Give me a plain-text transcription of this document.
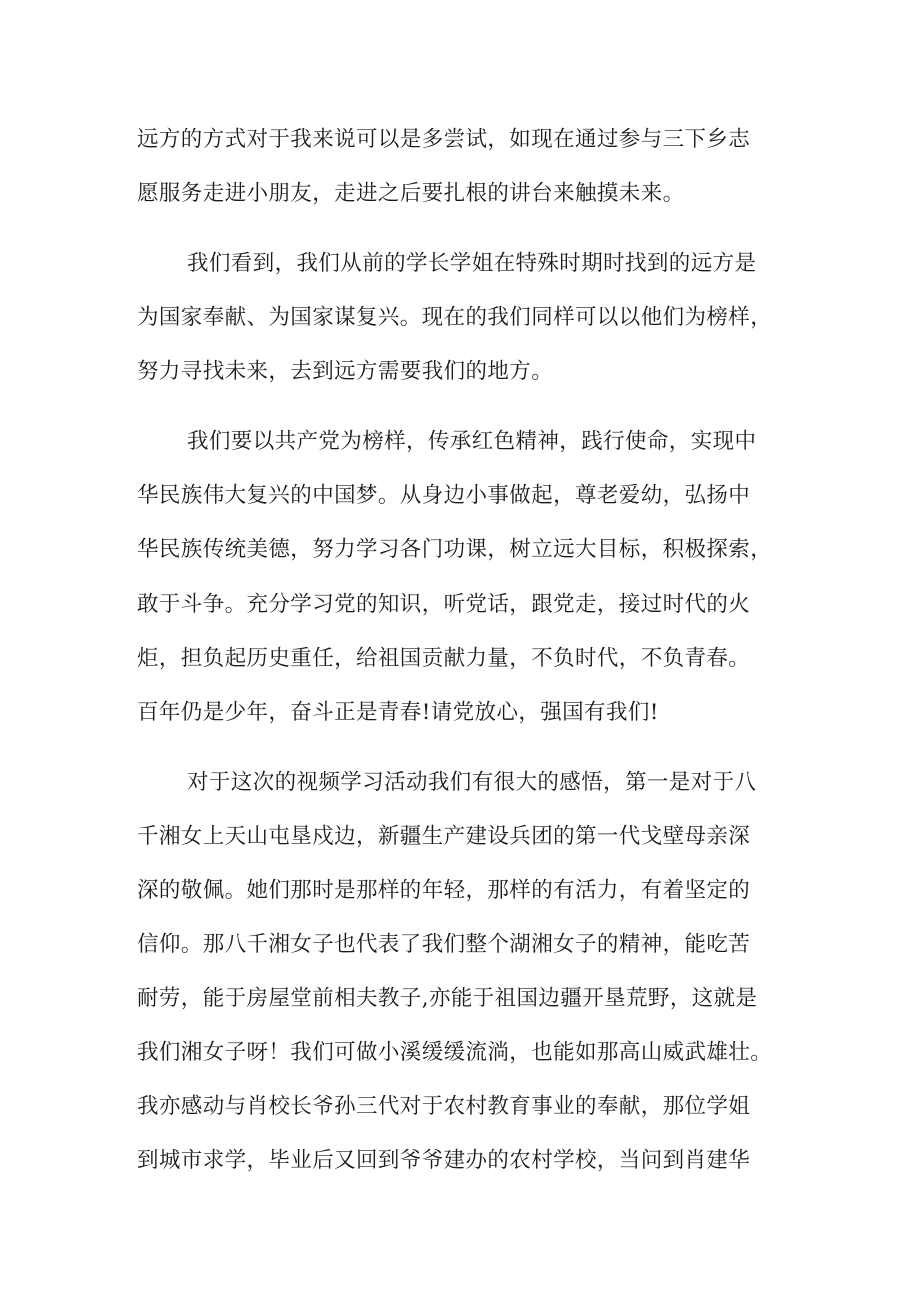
远方的方式对于我来说可以是多尝试，如现在通过参与三下乡志
愿服务走进小朋友，走进之后要扎根的讲台来触摸未来。
我们看到，我们从前的学长学姐在特殊时期时找到的远方是
为国家奉献、为国家谋复兴。现在的我们同样可以以他们为榜样，
努力寻找未来，去到远方需要我们的地方。
我们要以共产党为榜样，传承红色精神，践行使命，实现中
华民族伟大复兴的中国梦。从身边小事做起，尊老爱幼，弘扬中
华民族传统美德，努力学习各门功课，树立远大目标，积极探索，
敢于斗争。充分学习党的知识，听党话，跟党走，接过时代的火
炬，担负起历史重任，给祖国贡献力量，不负时代，不负青春。
百年仍是少年，奋斗正是青春!请党放心，强国有我们!
对于这次的视频学习活动我们有很大的感悟，第一是对于八
千湘女上天山屯垦戍边，新疆生产建设兵团的第一代戈壁母亲深
深的敬佩。她们那时是那样的年轻，那样的有活力，有着坚定的
信仰。那八千湘女子也代表了我们整个湖湘女子的精神，能吃苦
耐劳，能于房屋堂前相夫教子,亦能于祖国边疆开垦荒野，这就是
我们湘女子呀！我们可做小溪缓缓流淌，也能如那高山威武雄壮。
我亦感动与肖校长爷孙三代对于农村教育事业的奉献，那位学姐
到城市求学，毕业后又回到爷爷建办的农村学校，当问到肖建华
